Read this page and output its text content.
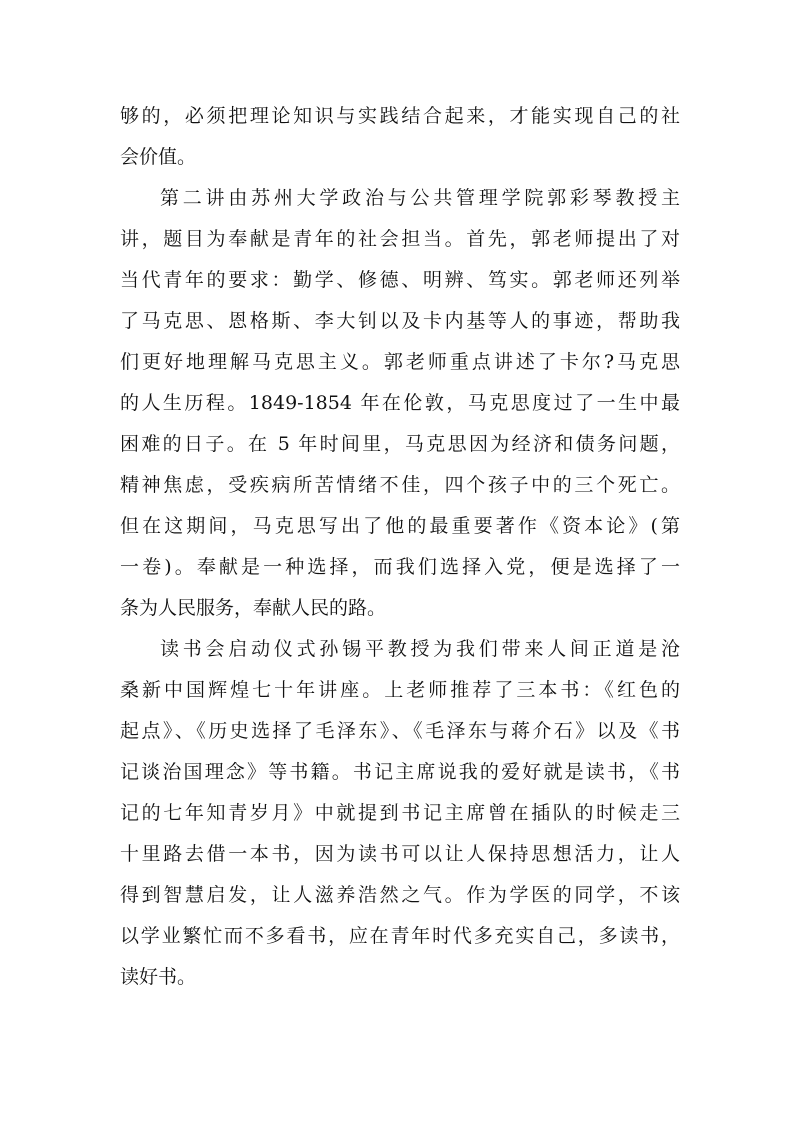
够的，必须把理论知识与实践结合起来，才能实现自己的社
会价值。
第二讲由苏州大学政治与公共管理学院郭彩琴教授主
讲，题目为奉献是青年的社会担当。首先，郭老师提出了对
当代青年的要求：勤学、修德、明辨、笃实。郭老师还列举
了马克思、恩格斯、李大钊以及卡内基等人的事迹，帮助我
们更好地理解马克思主义。郭老师重点讲述了卡尔?马克思
的人生历程。1849-1854 年在伦敦，马克思度过了一生中最
困难的日子。在 5 年时间里，马克思因为经济和债务问题，
精神焦虑，受疾病所苦情绪不佳，四个孩子中的三个死亡。
但在这期间，马克思写出了他的最重要著作《资本论》(第
一卷)。奉献是一种选择，而我们选择入党，便是选择了一
条为人民服务，奉献人民的路。
读书会启动仪式孙锡平教授为我们带来人间正道是沧
桑新中国辉煌七十年讲座。上老师推荐了三本书：《红色的
起点》、《历史选择了毛泽东》、《毛泽东与蒋介石》以及《书
记谈治国理念》等书籍。书记主席说我的爱好就是读书，《书
记的七年知青岁月》中就提到书记主席曾在插队的时候走三
十里路去借一本书，因为读书可以让人保持思想活力，让人
得到智慧启发，让人滋养浩然之气。作为学医的同学，不该
以学业繁忙而不多看书，应在青年时代多充实自己，多读书，
读好书。
